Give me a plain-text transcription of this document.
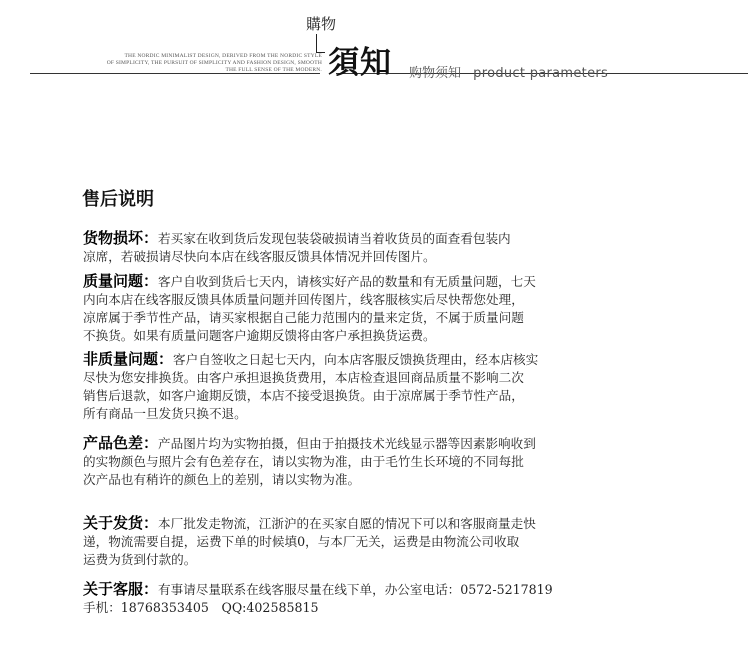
THE NORDIC MINIMALIST DESIGN, DERIVED FROM THE NORDIC STYLE
OF SIMPLICITY, THE PURSUIT OF SIMPLICITY AND FASHION DESIGN, SMOOTH
THE FULL SENSE OF THE MODERN.
購物
須知 购物须知 product parameters
售后说明
货物损坏：若买家在收到货后发现包装袋破损请当着收货员的面查看包装内
凉席，若破损请尽快向本店在线客服反馈具体情况并回传图片。
质量问题：客户自收到货后七天内，请核实好产品的数量和有无质量问题，七天
内向本店在线客服反馈具体质量问题并回传图片，线客服核实后尽快帮您处理，
凉席属于季节性产品，请买家根据自己能力范围内的量来定货，不属于质量问题
不换货。如果有质量问题客户逾期反馈将由客户承担换货运费。
非质量问题：客户自签收之日起七天内，向本店客服反馈换货理由，经本店核实
尽快为您安排换货。由客户承担退换货费用，本店检查退回商品质量不影响二次
销售后退款，如客户逾期反馈，本店不接受退换货。由于凉席属于季节性产品，
所有商品一旦发货只换不退。
产品色差：产品图片均为实物拍摄，但由于拍摄技术光线显示器等因素影响收到
的实物颜色与照片会有色差存在，请以实物为准，由于毛竹生长环境的不同每批
次产品也有稍许的颜色上的差别，请以实物为准。
关于发货：本厂批发走物流，江浙沪的在买家自愿的情况下可以和客服商量走快
递，物流需要自提，运费下单的时候填0，与本厂无关，运费是由物流公司收取
运费为货到付款的。
关于客服：有事请尽量联系在线客服尽量在线下单，办公室电话：0572-5217819
手机：18768353405　QQ:402585815
